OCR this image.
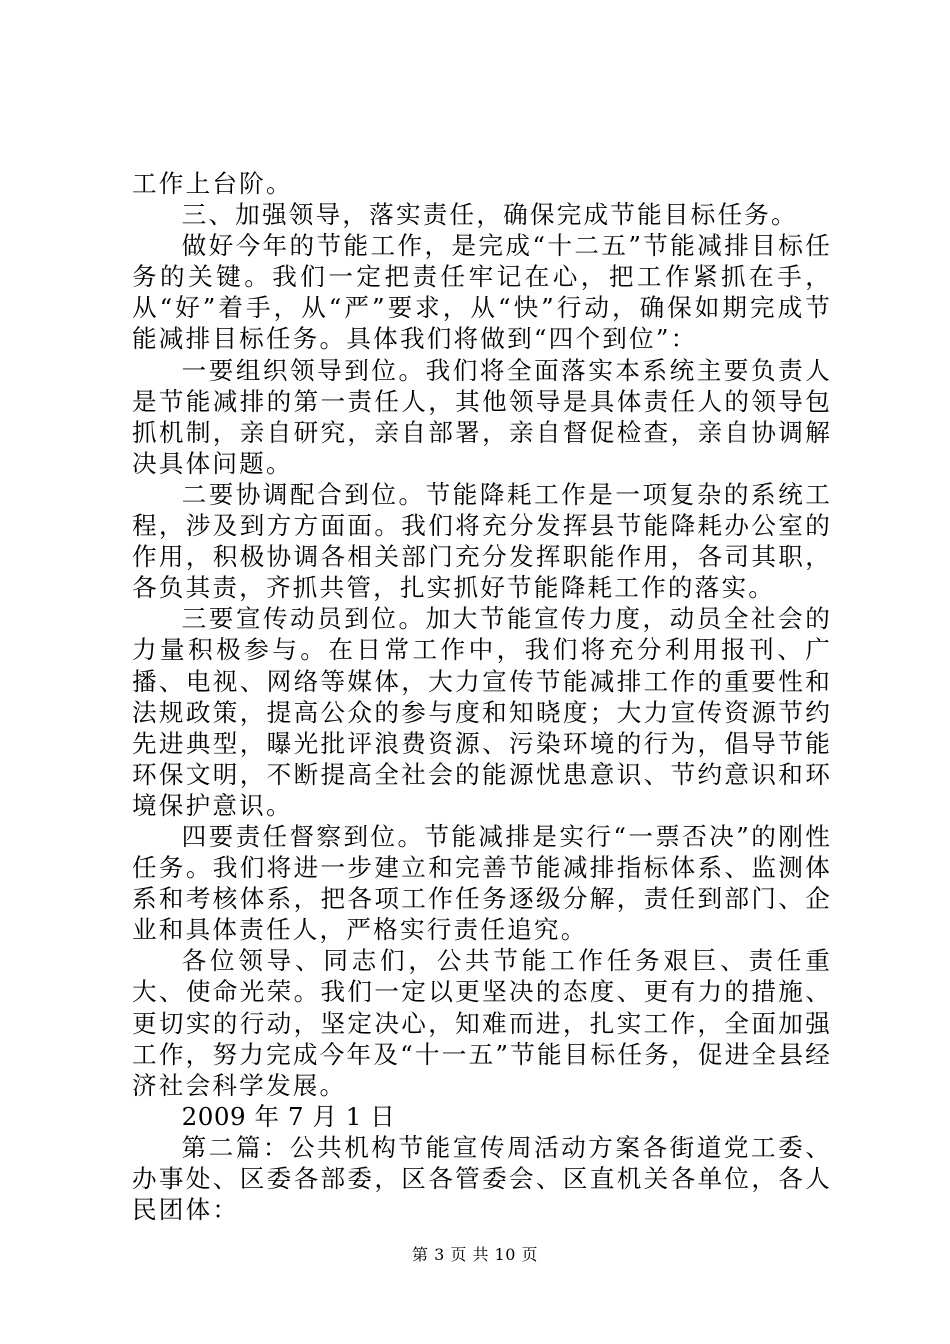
工作上台阶。

三、加强领导，落实责任，确保完成节能目标任务。

做好今年的节能工作，是完成“十二五”节能减排目标任务的关键。我们一定把责任牢记在心，把工作紧抓在手，从“好”着手，从“严”要求，从“快”行动，确保如期完成节能减排目标任务。具体我们将做到“四个到位”：

一要组织领导到位。我们将全面落实本系统主要负责人是节能减排的第一责任人，其他领导是具体责任人的领导包抓机制，亲自研究，亲自部署，亲自督促检查，亲自协调解决具体问题。

二要协调配合到位。节能降耗工作是一项复杂的系统工程，涉及到方方面面。我们将充分发挥县节能降耗办公室的作用，积极协调各相关部门充分发挥职能作用，各司其职，各负其责，齐抓共管，扎实抓好节能降耗工作的落实。

三要宣传动员到位。加大节能宣传力度，动员全社会的力量积极参与。在日常工作中，我们将充分利用报刊、广播、电视、网络等媒体，大力宣传节能减排工作的重要性和法规政策，提高公众的参与度和知晓度；大力宣传资源节约先进典型，曝光批评浪费资源、污染环境的行为，倡导节能环保文明，不断提高全社会的能源忧患意识、节约意识和环境保护意识。

四要责任督察到位。节能减排是实行“一票否决”的刚性任务。我们将进一步建立和完善节能减排指标体系、监测体系和考核体系，把各项工作任务逐级分解，责任到部门、企业和具体责任人，严格实行责任追究。

各位领导、同志们，公共节能工作任务艰巨、责任重大、使命光荣。我们一定以更坚决的态度、更有力的措施、更切实的行动，坚定决心，知难而进，扎实工作，全面加强工作，努力完成今年及“十一五”节能目标任务，促进全县经济社会科学发展。

2009 年 7 月 1 日

第二篇：公共机构节能宣传周活动方案各街道党工委、办事处、区委各部委，区各管委会、区直机关各单位，各人民团体：

第 3 页 共 10 页
